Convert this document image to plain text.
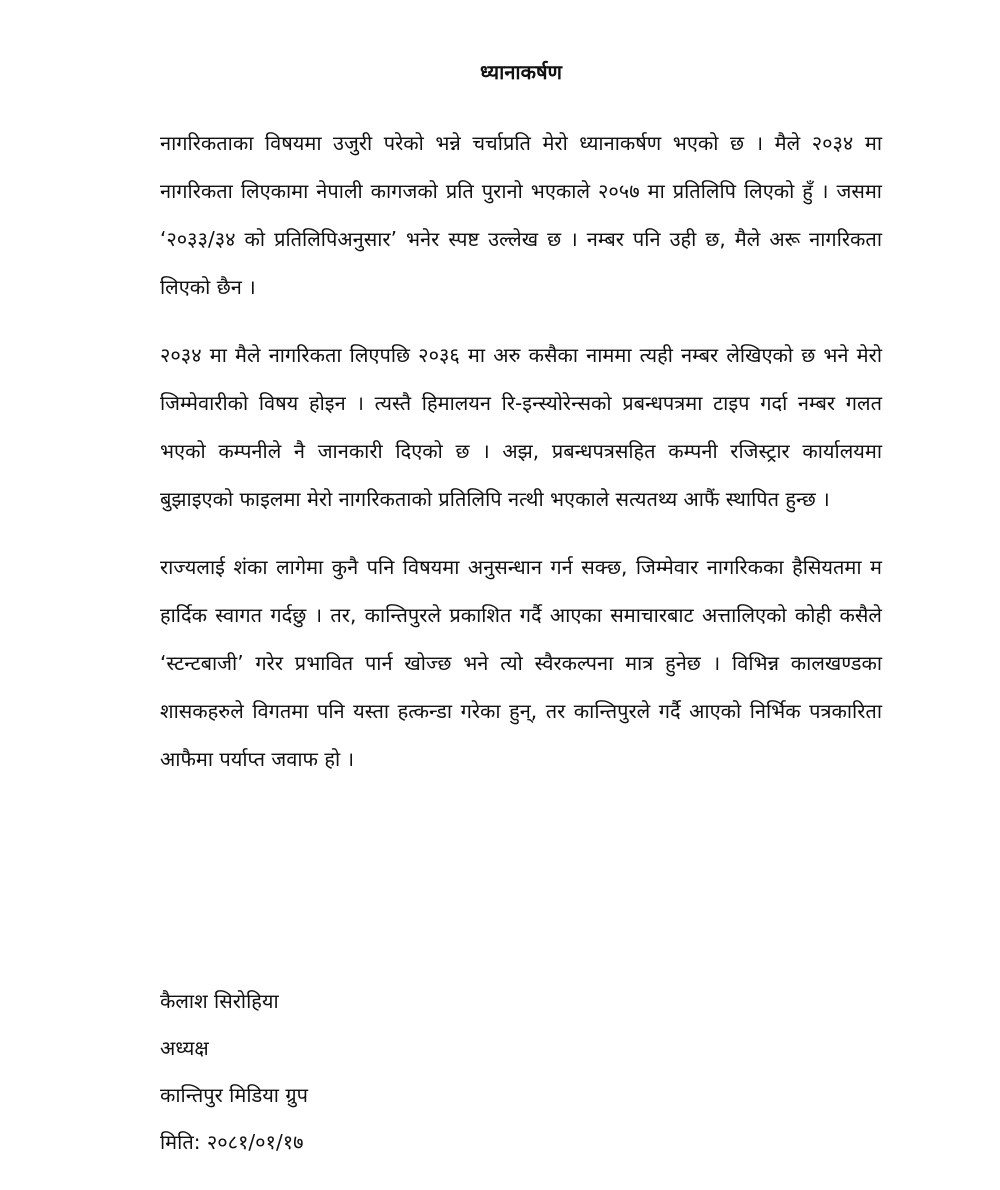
ध्यानाकर्षण
नागरिकताका विषयमा उजुरी परेको भन्ने चर्चाप्रति मेरो ध्यानाकर्षण भएको छ । मैले २०३४ मा नागरिकता लिएकामा नेपाली कागजको प्रति पुरानो भएकाले २०५७ मा प्रतिलिपि लिएको हुँ । जसमा ‘२०३३/३४ को प्रतिलिपिअनुसार’ भनेर स्पष्ट उल्लेख छ । नम्बर पनि उही छ, मैले अरू नागरिकता लिएको छैन ।
२०३४ मा मैले नागरिकता लिएपछि २०३६ मा अरु कसैका नाममा त्यही नम्बर लेखिएको छ भने मेरो जिम्मेवारीको विषय होइन । त्यस्तै हिमालयन रि-इन्स्योरेन्सको प्रबन्धपत्रमा टाइप गर्दा नम्बर गलत भएको कम्पनीले नै जानकारी दिएको छ । अझ, प्रबन्धपत्रसहित कम्पनी रजिस्ट्रार कार्यालयमा बुझाइएको फाइलमा मेरो नागरिकताको प्रतिलिपि नत्थी भएकाले सत्यतथ्य आफैं स्थापित हुन्छ ।
राज्यलाई शंका लागेमा कुनै पनि विषयमा अनुसन्धान गर्न सक्छ, जिम्मेवार नागरिकका हैसियतमा म हार्दिक स्वागत गर्दछु । तर, कान्तिपुरले प्रकाशित गर्दै आएका समाचारबाट अत्तालिएको कोही कसैले ‘स्टन्टबाजी’ गरेर प्रभावित पार्न खोज्छ भने त्यो स्वैरकल्पना मात्र हुनेछ । विभिन्न कालखण्डका शासकहरुले विगतमा पनि यस्ता हत्कन्डा गरेका हुन्, तर कान्तिपुरले गर्दै आएको निर्भिक पत्रकारिता आफैमा पर्याप्त जवाफ हो ।
कैलाश सिरोहिया
अध्यक्ष
कान्तिपुर मिडिया ग्रुप
मिति: २०८१/०१/१७
